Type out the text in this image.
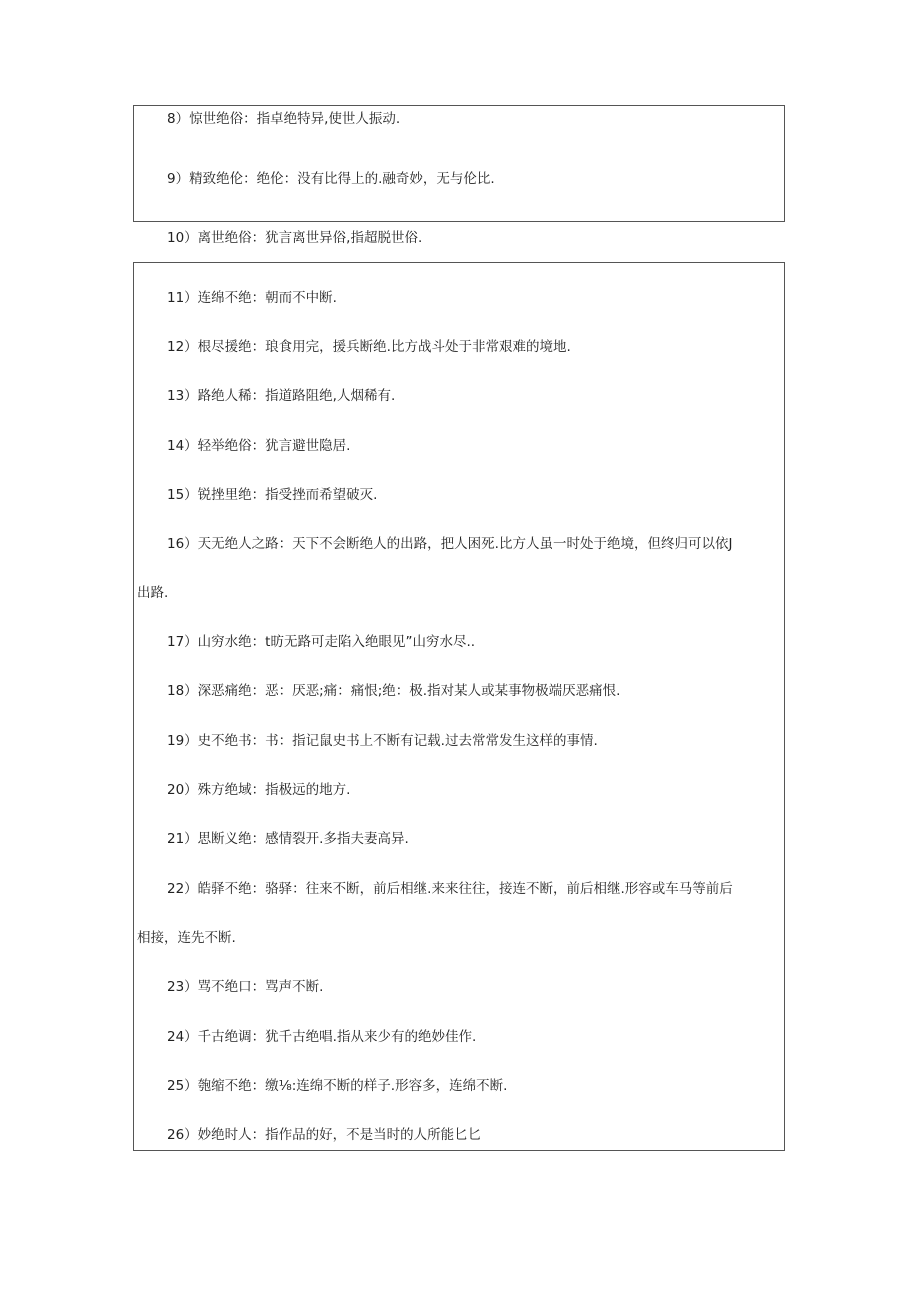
8）惊世绝俗：指卓绝特异,使世人振动.
9）精致绝伦：绝伦：没有比得上的.融奇妙，无与伦比.
10）离世绝俗：犹言离世异俗,指超脱世俗.
11）连绵不绝：朝而不中断.
12）根尽援绝：琅食用完，援兵断绝.比方战斗处于非常艰难的境地.
13）路绝人稀：指道路阻绝,人烟稀有.
14）轻举绝俗：犹言避世隐居.
15）锐挫里绝：指受挫而希望破灭.
16）天无绝人之路：天下不会断绝人的出路，把人困死.比方人虽一时处于绝境，但终归可以依J
出路.
17）山穷水绝：t昉无路可走陷入绝眼见”山穷水尽..
18）深恶痛绝：恶：厌恶;痛：痛恨;绝：极.指对某人或某事物极端厌恶痛恨.
19）史不绝书：书：指记鼠史书上不断有记载.过去常常发生这样的事情.
20）殊方绝域：指极远的地方.
21）思断义绝：感情裂开.多指夫妻高异.
22）皓驿不绝：骆驿：往来不断，前后相继.来来往往，接连不断，前后相继.形容或车马等前后
相接，连先不断.
23）骂不绝口：骂声不断.
24）千古绝调：犹千古绝唱.指从来少有的绝妙佳作.
25）匏缩不绝：缴⅛:连绵不断的样子.形容多，连绵不断.
26）妙绝时人：指作品的好，不是当时的人所能匕匕
